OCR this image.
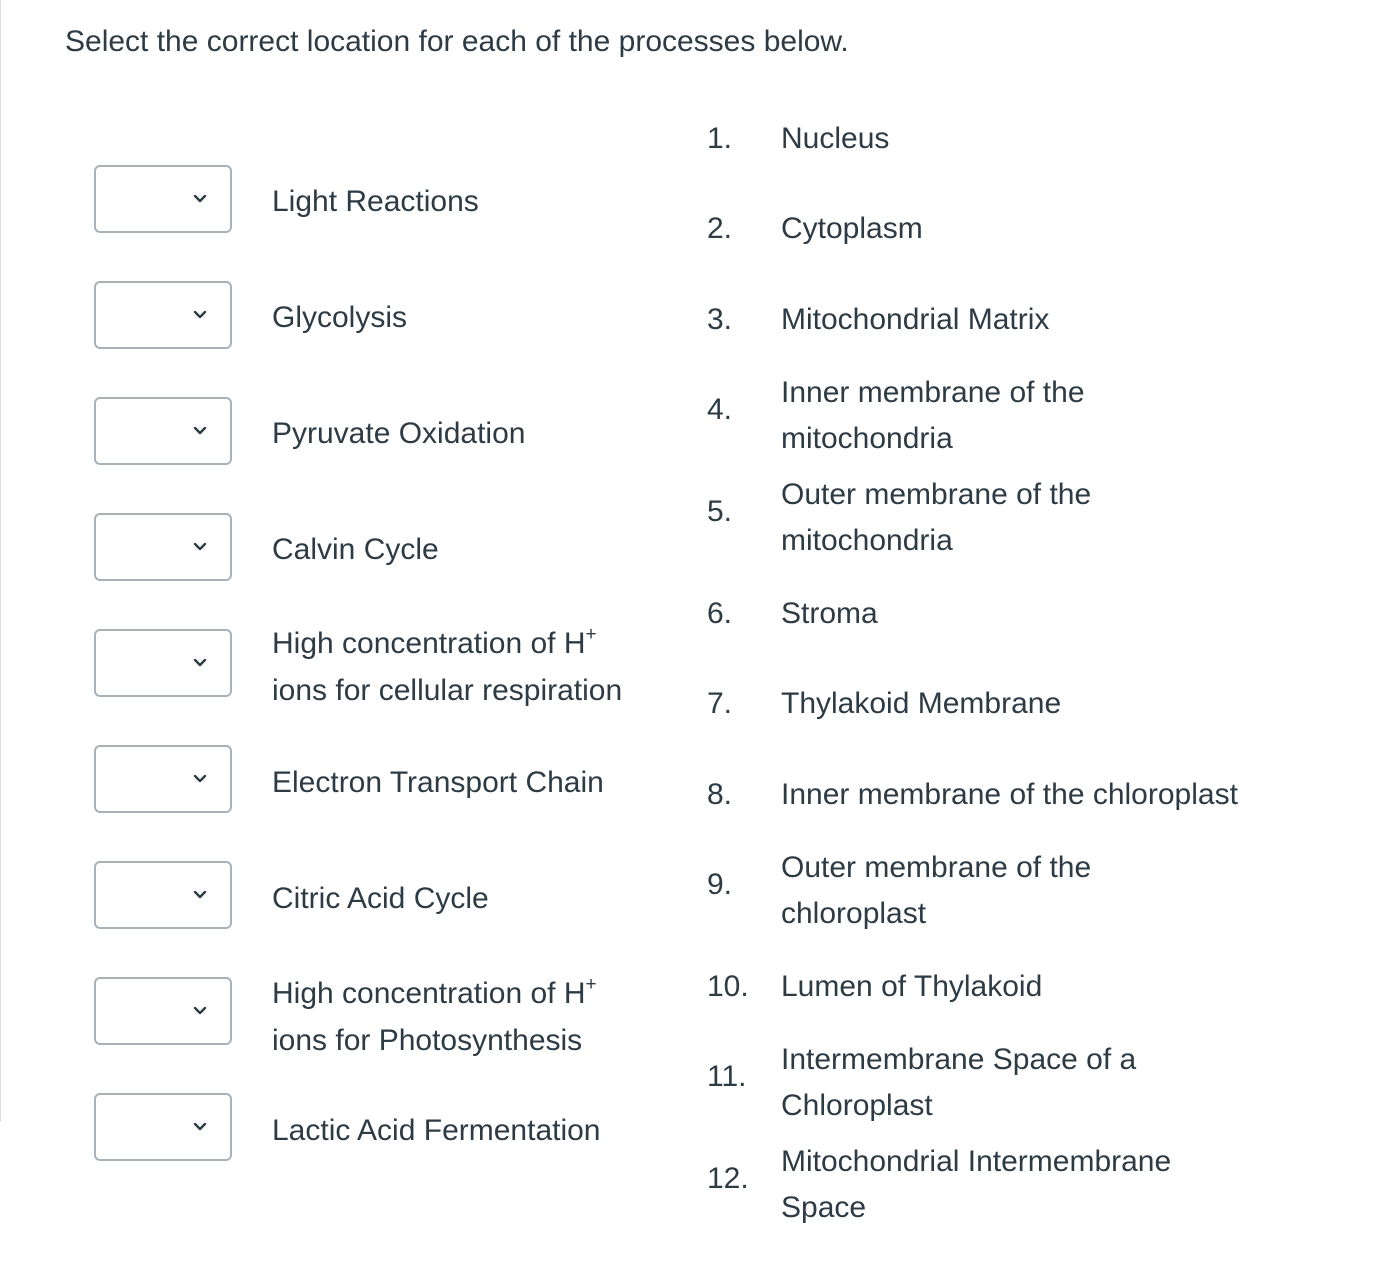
Select the correct location for each of the processes below.
Light Reactions
Glycolysis
Pyruvate Oxidation
Calvin Cycle
High concentration of H+
ions for cellular respiration
Electron Transport Chain
Citric Acid Cycle
High concentration of H+
ions for Photosynthesis
Lactic Acid Fermentation
1. Nucleus
2. Cytoplasm
3. Mitochondrial Matrix
4.
Inner membrane of the
mitochondria
5.
Outer membrane of the
mitochondria
6. Stroma
7. Thylakoid Membrane
8. Inner membrane of the chloroplast
9.
Outer membrane of the
chloroplast
10. Lumen of Thylakoid
11.
Intermembrane Space of a
Chloroplast
12.
Mitochondrial Intermembrane
Space
